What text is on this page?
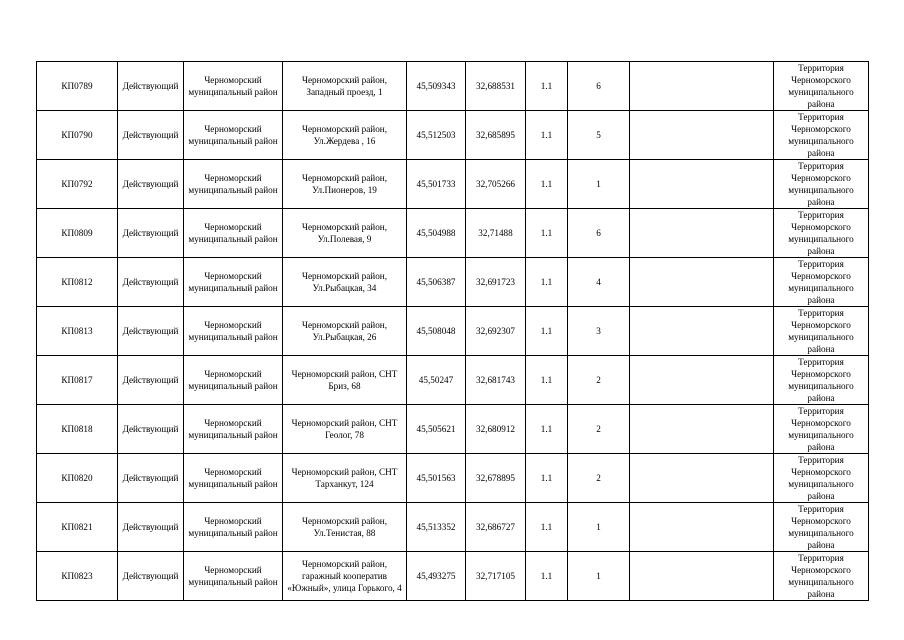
КП0789	Действующий	Черноморский муниципальный район	Черноморский район, Западный проезд, 1	45,509343	32,688531	1.1	6		Территория Черноморского муниципального района
КП0790	Действующий	Черноморский муниципальный район	Черноморский район, Ул.Жердева , 16	45,512503	32,685895	1.1	5		Территория Черноморского муниципального района
КП0792	Действующий	Черноморский муниципальный район	Черноморский район, Ул.Пионеров, 19	45,501733	32,705266	1.1	1		Территория Черноморского муниципального района
КП0809	Действующий	Черноморский муниципальный район	Черноморский район, Ул.Полевая, 9	45,504988	32,71488	1.1	6		Территория Черноморского муниципального района
КП0812	Действующий	Черноморский муниципальный район	Черноморский район, Ул.Рыбацкая, 34	45,506387	32,691723	1.1	4		Территория Черноморского муниципального района
КП0813	Действующий	Черноморский муниципальный район	Черноморский район, Ул.Рыбацкая, 26	45,508048	32,692307	1.1	3		Территория Черноморского муниципального района
КП0817	Действующий	Черноморский муниципальный район	Черноморский район, СНТ Бриз, 68	45,50247	32,681743	1.1	2		Территория Черноморского муниципального района
КП0818	Действующий	Черноморский муниципальный район	Черноморский район, СНТ Геолог, 78	45,505621	32,680912	1.1	2		Территория Черноморского муниципального района
КП0820	Действующий	Черноморский муниципальный район	Черноморский район, СНТ Тарханкут, 124	45,501563	32,678895	1.1	2		Территория Черноморского муниципального района
КП0821	Действующий	Черноморский муниципальный район	Черноморский район, Ул.Тенистая, 88	45,513352	32,686727	1.1	1		Территория Черноморского муниципального района
КП0823	Действующий	Черноморский муниципальный район	Черноморский район, гаражный кооператив «Южный», улица Горького, 4	45,493275	32,717105	1.1	1		Территория Черноморского муниципального района
